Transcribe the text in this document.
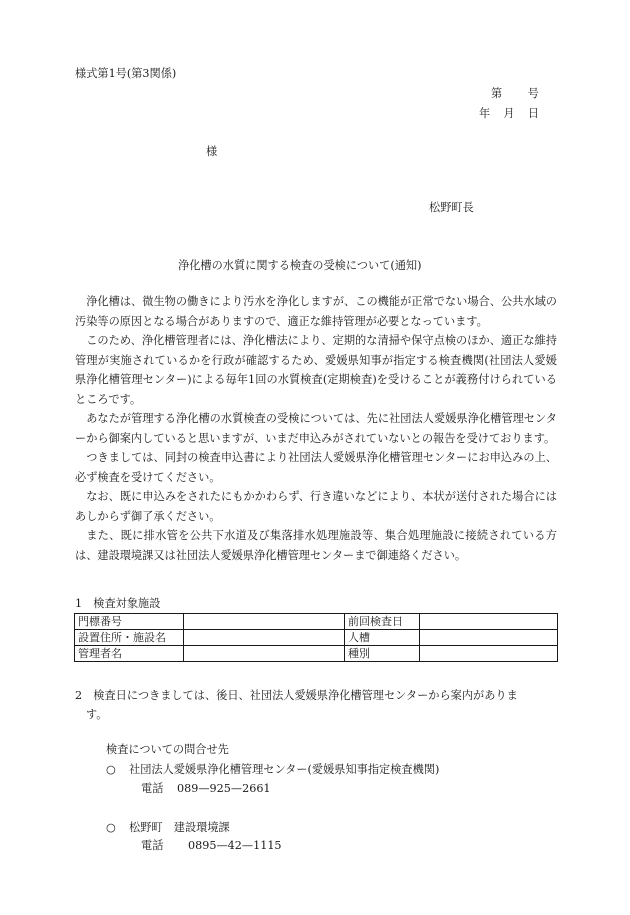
様式第1号(第3関係)
第　　号
年　月　日
様
松野町長
浄化槽の水質に関する検査の受検について(通知)

浄化槽は、微生物の働きにより汚水を浄化しますが、この機能が正常でない場合、公共水域の汚染等の原因となる場合がありますので、適正な維持管理が必要となっています。

このため、浄化槽管理者には、浄化槽法により、定期的な清掃や保守点検のほか、適正な維持管理が実施されているかを行政が確認するため、愛媛県知事が指定する検査機関(社団法人愛媛県浄化槽管理センター)による毎年1回の水質検査(定期検査)を受けることが義務付けられているところです。

あなたが管理する浄化槽の水質検査の受検については、先に社団法人愛媛県浄化槽管理センターから御案内していると思いますが、いまだ申込みがされていないとの報告を受けております。

つきましては、同封の検査申込書により社団法人愛媛県浄化槽管理センターにお申込みの上、必ず検査を受けてください。

なお、既に申込みをされたにもかかわらず、行き違いなどにより、本状が送付された場合にはあしからず御了承ください。

また、既に排水管を公共下水道及び集落排水処理施設等、集合処理施設に接続されている方は、建設環境課又は社団法人愛媛県浄化槽管理センターまで御連絡ください。

1　検査対象施設
門標番号		前回検査日	
設置住所・施設名		人槽	
管理者名		種別	
2　検査日につきましては、後日、社団法人愛媛県浄化槽管理センターから案内がありま
す。
検査についての問合せ先
○ 社団法人愛媛県浄化槽管理センター(愛媛県知事指定検査機関)
電話 089—925—2661
○ 松野町　建設環境課
電話 0895—42—1115
